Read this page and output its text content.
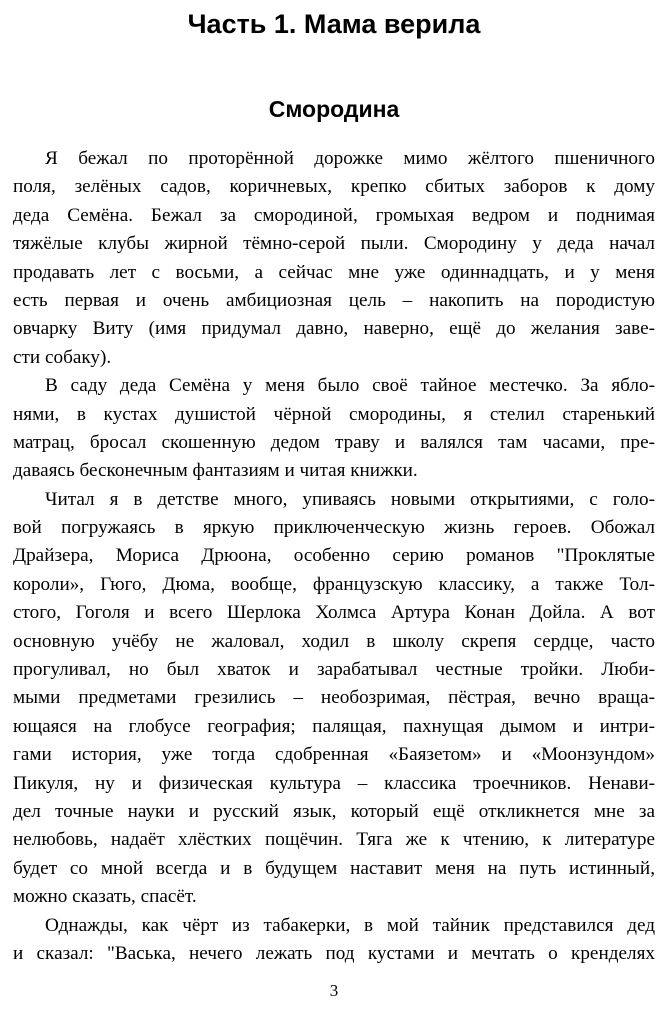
Часть 1. Мама верила
Смородина
Я бежал по проторённой дорожке мимо жёлтого пшеничного
поля, зелёных садов, коричневых, крепко сбитых заборов к дому
деда Семёна. Бежал за смородиной, громыхая ведром и поднимая
тяжёлые клубы жирной тёмно-серой пыли. Смородину у деда начал
продавать лет с восьми, а сейчас мне уже одиннадцать, и у меня
есть первая и очень амбициозная цель – накопить на породистую
овчарку Виту (имя придумал давно, наверно, ещё до желания заве-
сти собаку).
В саду деда Семёна у меня было своё тайное местечко. За ябло-
нями, в кустах душистой чёрной смородины, я стелил старенький
матрац, бросал скошенную дедом траву и валялся там часами, пре-
даваясь бесконечным фантазиям и читая книжки.
Читал я в детстве много, упиваясь новыми открытиями, с голо-
вой погружаясь в яркую приключенческую жизнь героев. Обожал
Драйзера, Мориса Дрюона, особенно серию романов "Проклятые
короли», Гюго, Дюма, вообще, французскую классику, а также Тол-
стого, Гоголя и всего Шерлока Холмса Артура Конан Дойла. А вот
основную учёбу не жаловал, ходил в школу скрепя сердце, часто
прогуливал, но был хваток и зарабатывал честные тройки. Люби-
мыми предметами грезились – необозримая, пёстрая, вечно враща-
ющаяся на глобусе география; палящая, пахнущая дымом и интри-
гами история, уже тогда сдобренная «Баязетом» и «Моонзундом»
Пикуля, ну и физическая культура – классика троечников. Ненави-
дел точные науки и русский язык, который ещё откликнется мне за
нелюбовь, надаёт хлёстких пощёчин. Тяга же к чтению, к литературе
будет со мной всегда и в будущем наставит меня на путь истинный,
можно сказать, спасёт.
Однажды, как чёрт из табакерки, в мой тайник представился дед
и сказал: "Васька, нечего лежать под кустами и мечтать о кренделях
3
